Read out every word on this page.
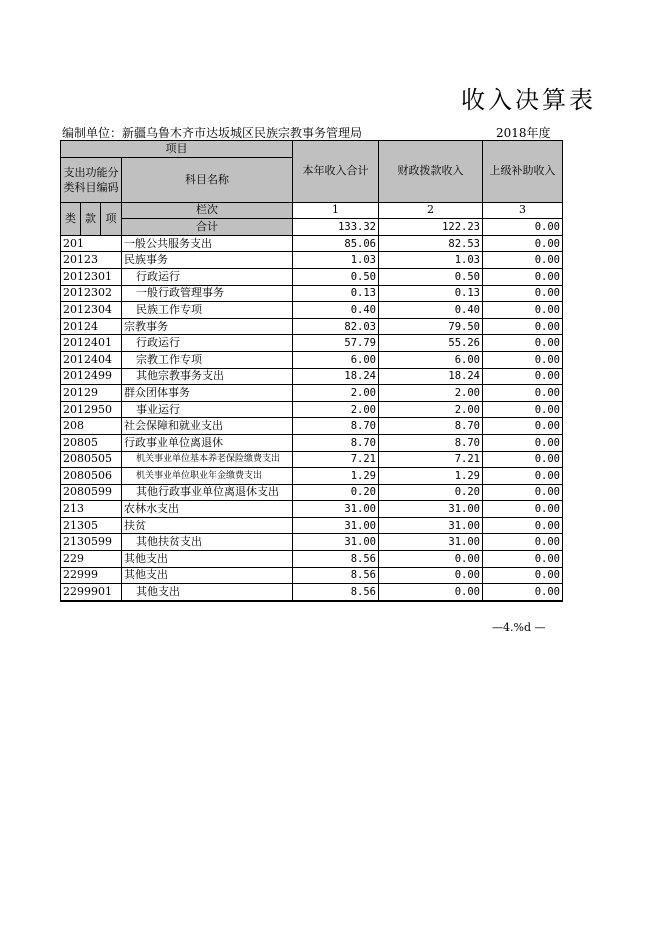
收入决算表
编制单位：新疆乌鲁木齐市达坂城区民族宗教事务管理局	2018年度
项目				本年收入合计	财政拨款收入	上级补助收入
支出功能分类科目编码			科目名称			
类	款	项				
			栏次	1	2	3
			合计	133.32	122.23	0.00
201			一般公共服务支出	85.06	82.53	0.00
20123			民族事务	1.03	1.03	0.00
2012301			行政运行	0.50	0.50	0.00
2012302			一般行政管理事务	0.13	0.13	0.00
2012304			民族工作专项	0.40	0.40	0.00
20124			宗教事务	82.03	79.50	0.00
2012401			行政运行	57.79	55.26	0.00
2012404			宗教工作专项	6.00	6.00	0.00
2012499			其他宗教事务支出	18.24	18.24	0.00
20129			群众团体事务	2.00	2.00	0.00
2012950			事业运行	2.00	2.00	0.00
208			社会保障和就业支出	8.70	8.70	0.00
20805			行政事业单位离退休	8.70	8.70	0.00
2080505			机关事业单位基本养老保险缴费支出	7.21	7.21	0.00
2080506			机关事业单位职业年金缴费支出	1.29	1.29	0.00
2080599			其他行政事业单位离退休支出	0.20	0.20	0.00
213			农林水支出	31.00	31.00	0.00
21305			扶贫	31.00	31.00	0.00
2130599			其他扶贫支出	31.00	31.00	0.00
229			其他支出	8.56	0.00	0.00
22999			其他支出	8.56	0.00	0.00
2299901			其他支出	8.56	0.00	0.00
—4.%d —
